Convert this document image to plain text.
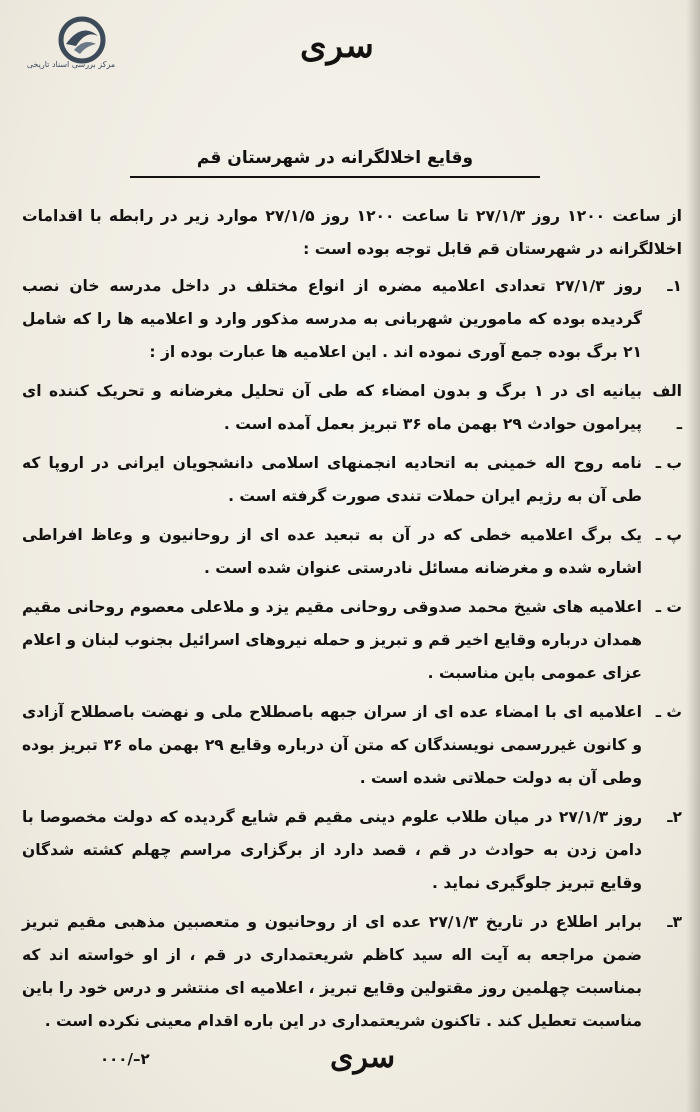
مرکز بررسی اسناد تاریخی	سری
وقایع اخلالگرانه در شهرستان قم

از ساعت ۱۲۰۰ روز ۲۷/۱/۳ تا ساعت ۱۲۰۰ روز ۲۷/۱/۵ موارد زیر در رابطه با اقدامات اخلالگرانه در شهرستان قم قابل توجه بوده است :

۱ـ

روز ۲۷/۱/۳ تعدادی اعلامیه مضره از انواع مختلف در داخل مدرسه خان نصب گردیده بوده که مامورین شهربانی به مدرسه مذکور وارد و اعلامیه ها را که شامل ۲۱ برگ بوده جمع آوری نموده اند . این اعلامیه ها عبارت بوده از :

الف ـ

بیانیه ای در ۱ برگ و بدون امضاء که طی آن تحلیل مغرضانه و تحریک کننده ای پیرامون حوادث ۲۹ بهمن ماه ۳۶ تبریز بعمل آمده است .

ب ـ

نامه روح اله خمینی به اتحادیه انجمنهای اسلامی دانشجویان ایرانی در اروپا که طی آن به رژیم ایران حملات تندی صورت گرفته است .

پ ـ

یک برگ اعلامیه خطی که در آن به تبعید عده ای از روحانیون و وعاظ افراطی اشاره شده و مغرضانه مسائل نادرستی عنوان شده است .

ت ـ

اعلامیه های شیخ محمد صدوقی روحانی مقیم یزد و ملاعلی معصوم روحانی مقیم همدان درباره وقایع اخیر قم و تبریز و حمله نیروهای اسرائیل بجنوب لبنان و اعلام عزای عمومی باین مناسبت .

ث ـ

اعلامیه ای با امضاء عده ای از سران جبهه باصطلاح ملی و نهضت باصطلاح آزادی و کانون غیررسمی نویسندگان که متن آن درباره وقایع ۲۹ بهمن ماه ۳۶ تبریز بوده وطی آن به دولت حملاتی شده است .

۲ـ

روز ۲۷/۱/۳ در میان طلاب علوم دینی مقیم قم شایع گردیده که دولت مخصوصا با دامن زدن به حوادث در قم ، قصد دارد از برگزاری مراسم چهلم کشته شدگان وقایع تبریز جلوگیری نماید .

۳ـ

برابر اطلاع در تاریخ ۲۷/۱/۳ عده ای از روحانیون و متعصبین مذهبی مقیم تبریز ضمن مراجعه به آیت اله سید کاظم شریعتمداری در قم ، از او خواسته اند که بمناسبت چهلمین روز مقتولین وقایع تبریز ، اعلامیه ای منتشر و درس خود را باین مناسبت تعطیل کند . تاکنون شریعتمداری در این باره اقدام معینی نکرده است .

۰۰۰/–۲	سری
